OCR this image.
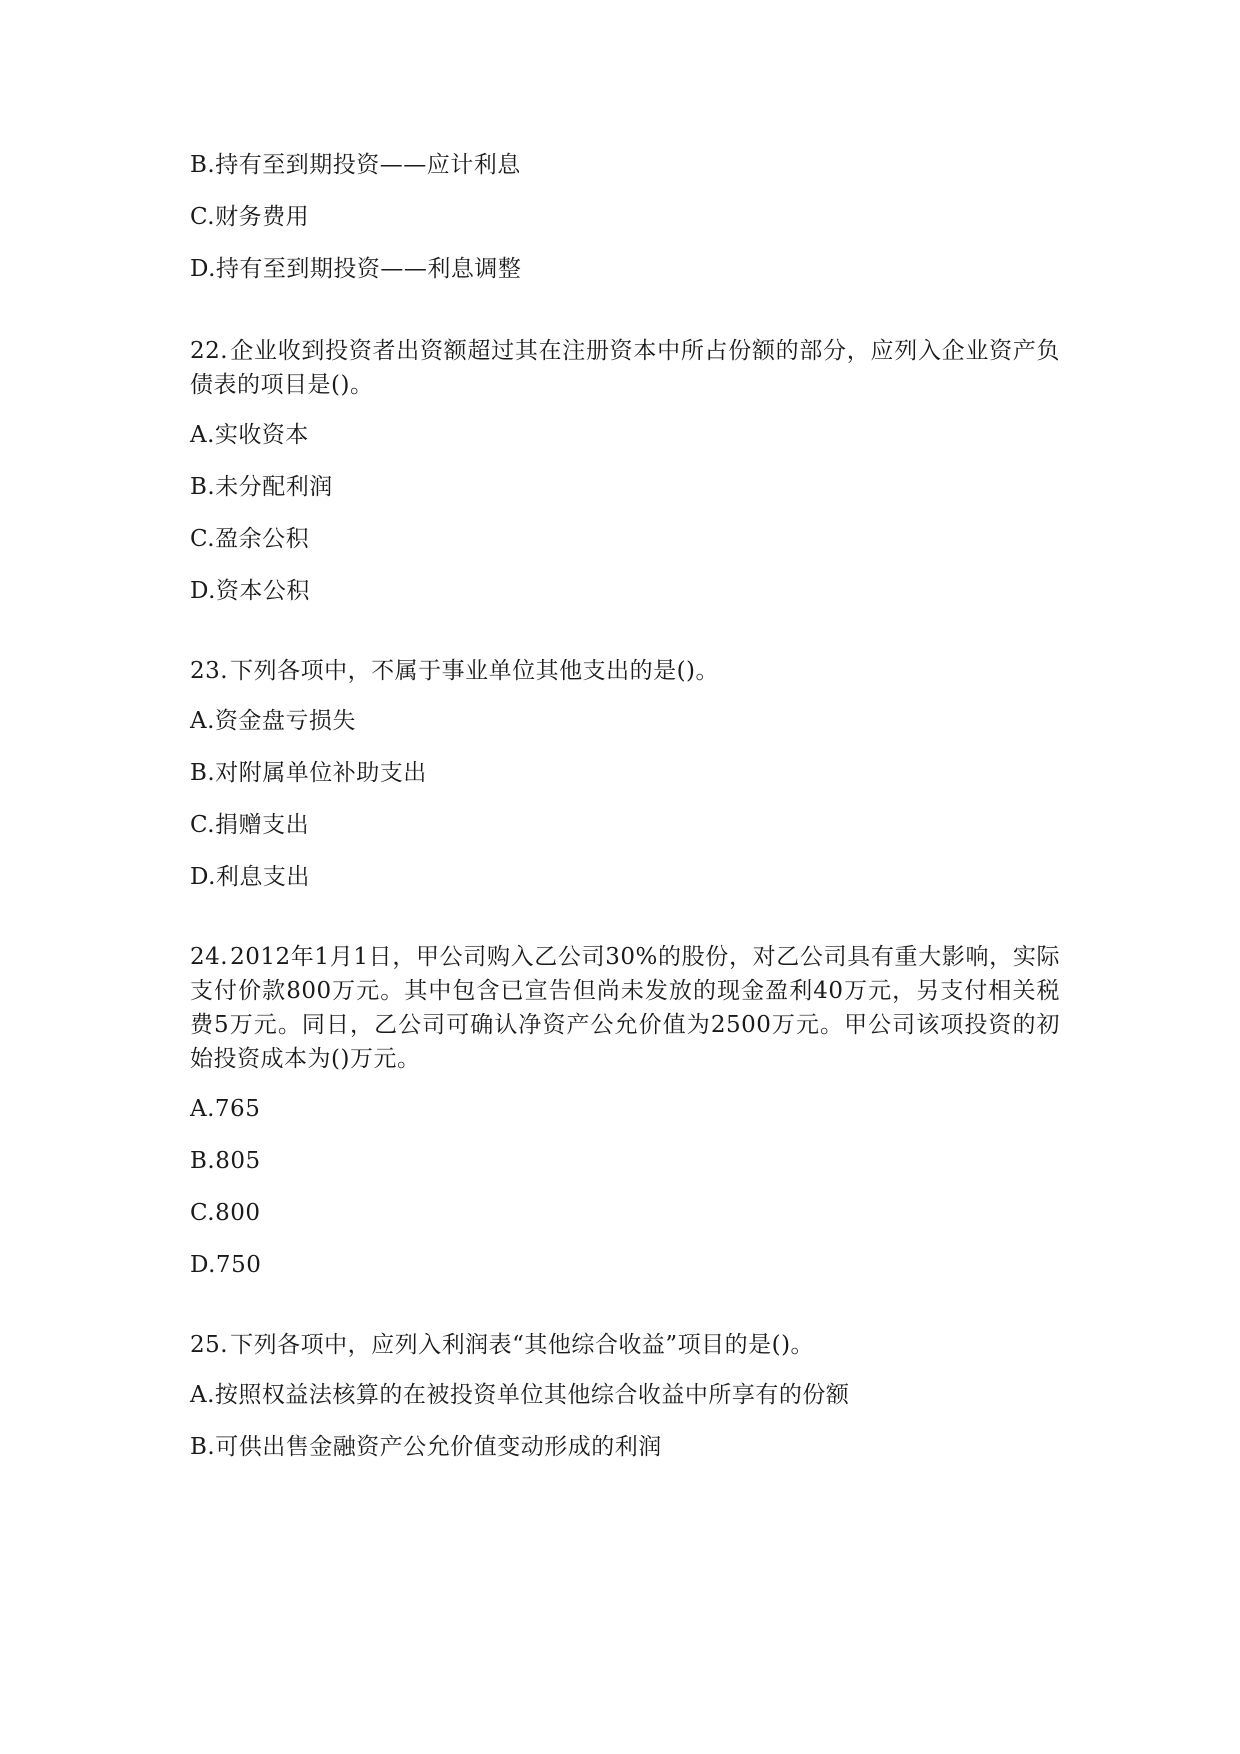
B.持有至到期投资——应计利息
C.财务费用
D.持有至到期投资——利息调整
22.企业收到投资者出资额超过其在注册资本中所占份额的部分，应列入企业资产负债表的项目是()。
A.实收资本
B.未分配利润
C.盈余公积
D.资本公积
23.下列各项中，不属于事业单位其他支出的是()。
A.资金盘亏损失
B.对附属单位补助支出
C.捐赠支出
D.利息支出
24.2012年1月1日，甲公司购入乙公司30%的股份，对乙公司具有重大影响，实际支付价款800万元。其中包含已宣告但尚未发放的现金盈利40万元，另支付相关税费5万元。同日，乙公司可确认净资产公允价值为2500万元。甲公司该项投资的初始投资成本为()万元。
A.765
B.805
C.800
D.750
25.下列各项中，应列入利润表“其他综合收益”项目的是()。
A.按照权益法核算的在被投资单位其他综合收益中所享有的份额
B.可供出售金融资产公允价值变动形成的利润
